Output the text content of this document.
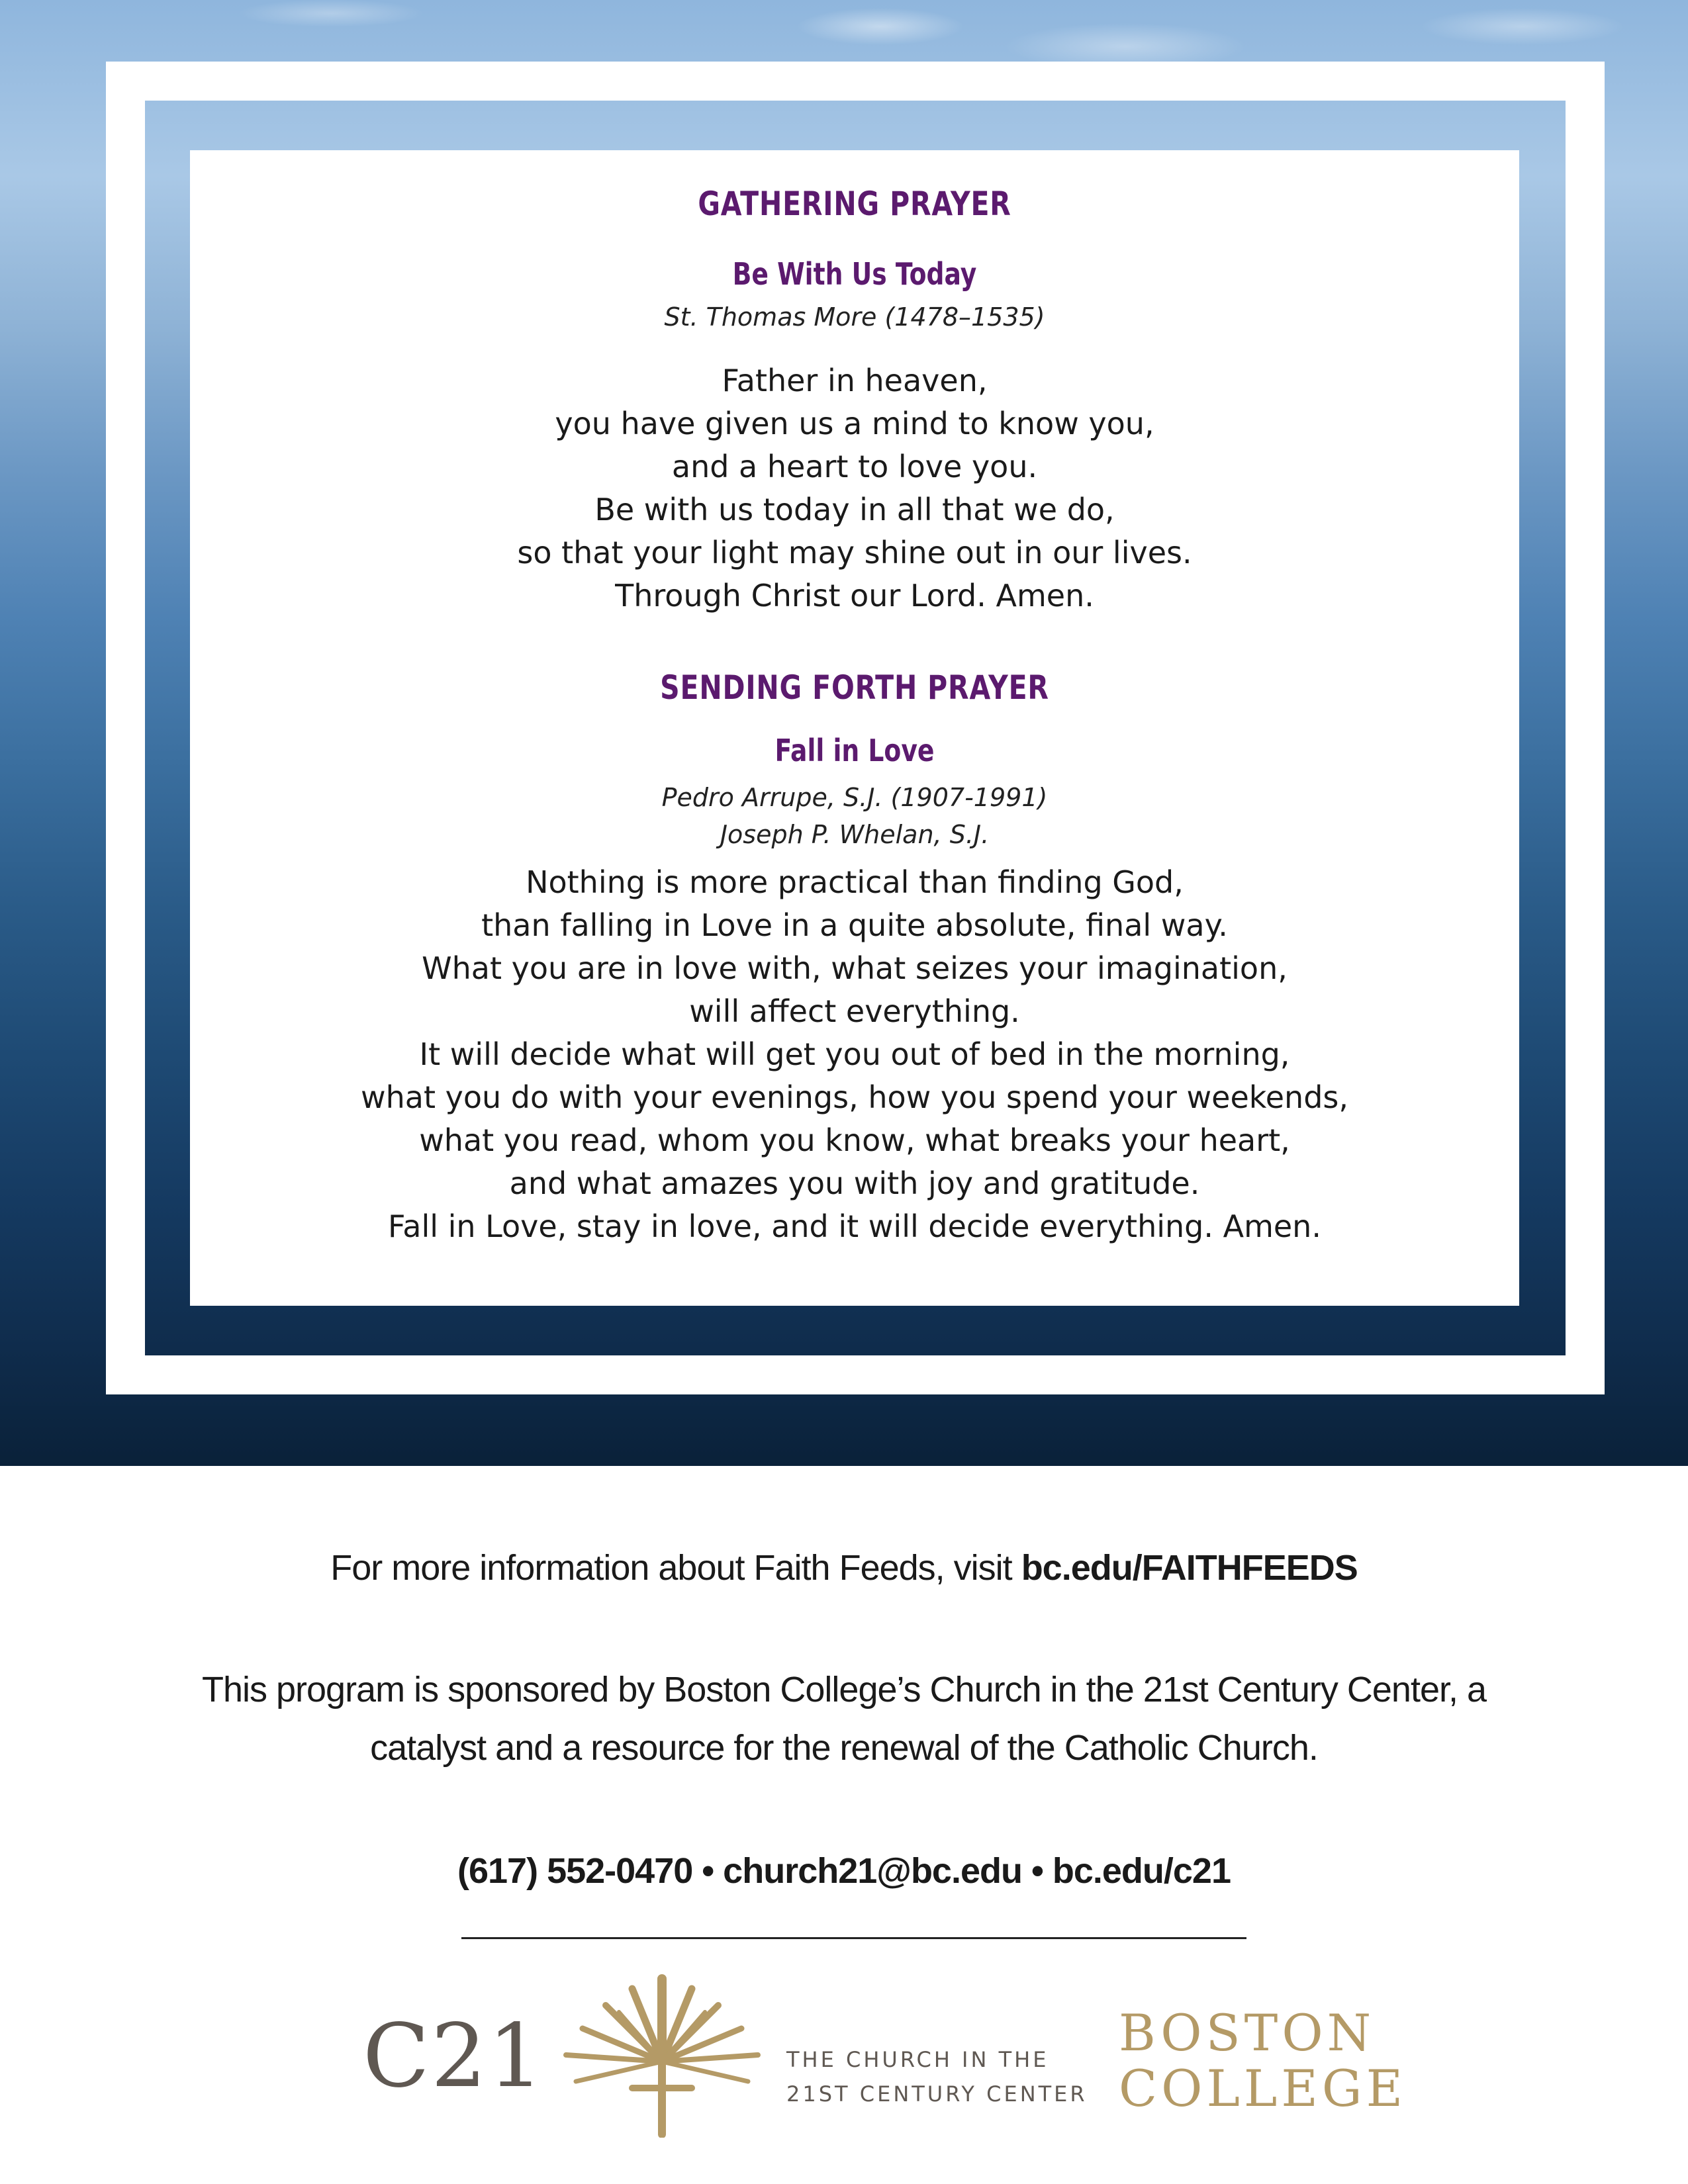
GATHERING PRAYER
Be With Us Today
St. Thomas More (1478–1535)
Father in heaven,
you have given us a mind to know you,
and a heart to love you.
Be with us today in all that we do,
so that your light may shine out in our lives.
Through Christ our Lord. Amen.
SENDING FORTH PRAYER
Fall in Love
Pedro Arrupe, S.J. (1907-1991)
Joseph P. Whelan, S.J.
Nothing is more practical than finding God,
than falling in Love in a quite absolute, final way.
What you are in love with, what seizes your imagination,
will affect everything.
It will decide what will get you out of bed in the morning,
what you do with your evenings, how you spend your weekends,
what you read, whom you know, what breaks your heart,
and what amazes you with joy and gratitude.
Fall in Love, stay in love, and it will decide everything. Amen.
For more information about Faith Feeds, visit bc.edu/FAITHFEEDS
This program is sponsored by Boston College’s Church in the 21st Century Center, a
catalyst and a resource for the renewal of the Catholic Church.
(617) 552-0470 • church21@bc.edu • bc.edu/c21
C21	THE CHURCH IN THE
21ST CENTURY CENTER
BOSTON
COLLEGE
